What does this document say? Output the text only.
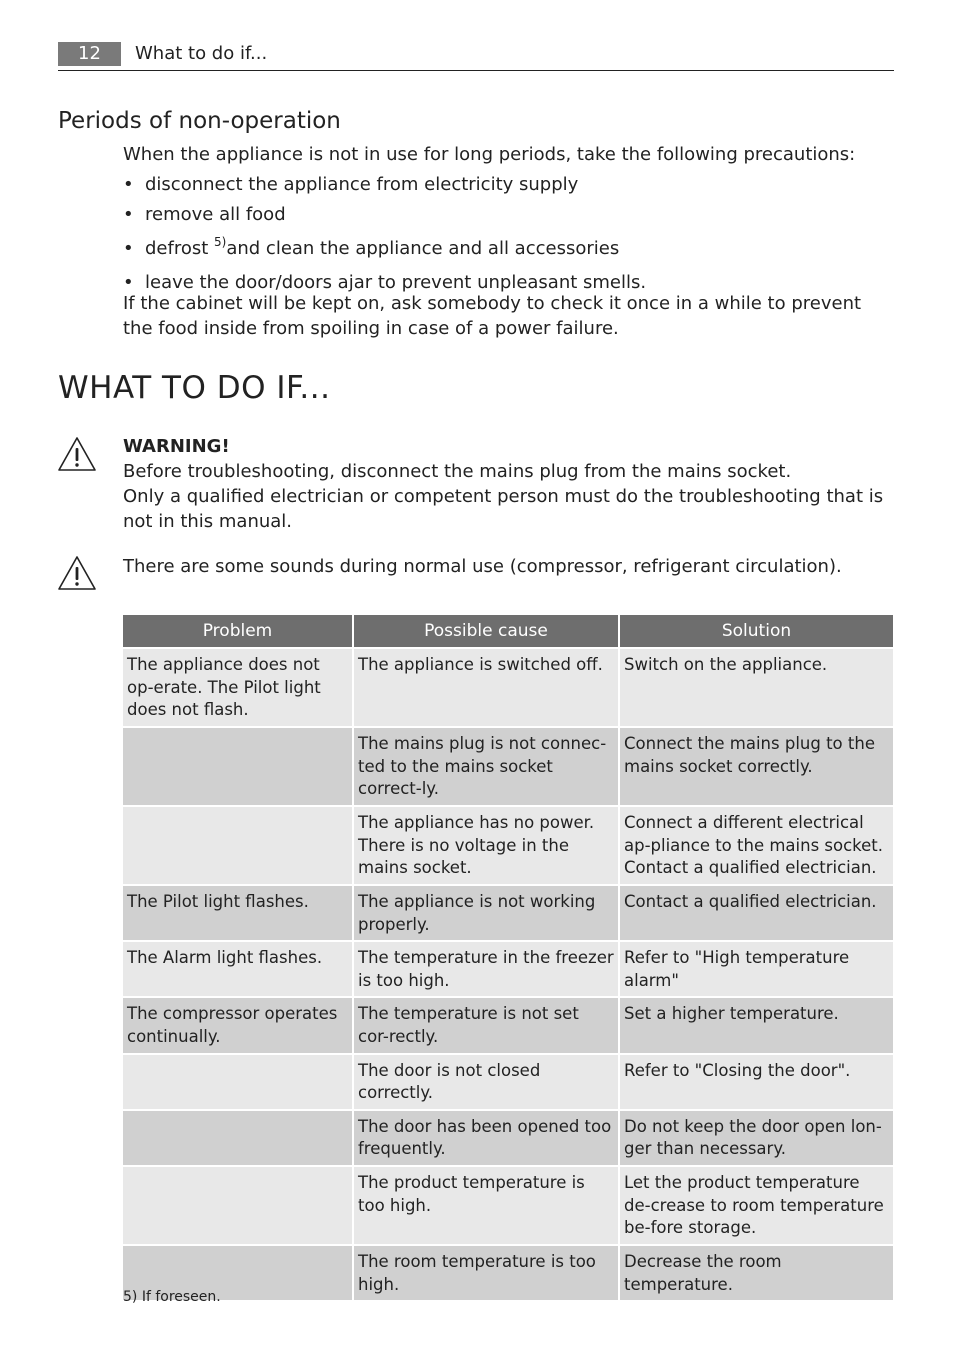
12	What to do if...
Periods of non-operation
When the appliance is not in use for long periods, take the following precautions:
• disconnect the appliance from electricity supply
• remove all food
• defrost $^{5)}$and clean the appliance and all accessories
• leave the door/doors ajar to prevent unpleasant smells.
If the cabinet will be kept on, ask somebody to check it once in a while to prevent the food inside from spoiling in case of a power failure.
WHAT TO DO IF...
WARNING!
Before troubleshooting, disconnect the mains plug from the mains socket.
Only a qualified electrician or competent person must do the troubleshooting that is not in this manual.
There are some sounds during normal use (compressor, refrigerant circulation).
Problem	Possible cause	Solution
The appliance does not op-erate. The Pilot light does not flash.	The appliance is switched off.	Switch on the appliance.
	The mains plug is not connec-ted to the mains socket correct-ly.	Connect the mains plug to the mains socket correctly.
	The appliance has no power. There is no voltage in the mains socket.	Connect a different electrical ap-pliance to the mains socket. Contact a qualified electrician.
The Pilot light flashes.	The appliance is not working properly.	Contact a qualified electrician.
The Alarm light flashes.	The temperature in the freezer is too high.	Refer to "High temperature alarm"
The compressor operates continually.	The temperature is not set cor-rectly.	Set a higher temperature.
	The door is not closed correctly.	Refer to "Closing the door".
	The door has been opened too frequently.	Do not keep the door open lon-ger than necessary.
	The product temperature is too high.	Let the product temperature de-crease to room temperature be-fore storage.
	The room temperature is too high.	Decrease the room temperature.
5) If foreseen.
